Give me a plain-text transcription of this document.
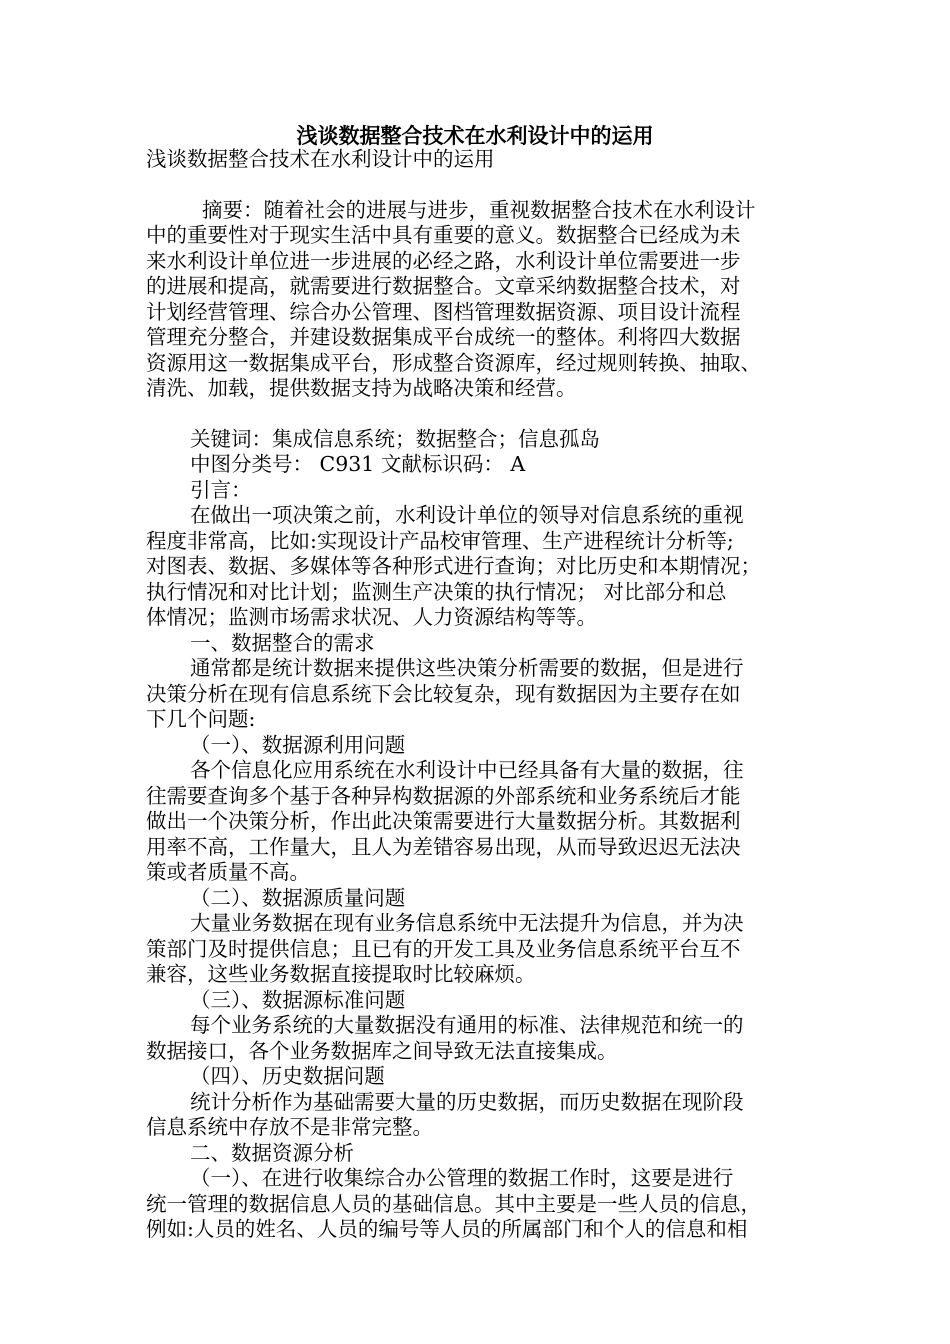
浅谈数据整合技术在水利设计中的运用

浅谈数据整合技术在水利设计中的运用

摘要：随着社会的进展与进步，重视数据整合技术在水利设计

中的重要性对于现实生活中具有重要的意义。数据整合已经成为未

来水利设计单位进一步进展的必经之路，水利设计单位需要进一步

的进展和提高，就需要进行数据整合。文章采纳数据整合技术，对

计划经营管理、综合办公管理、图档管理数据资源、项目设计流程

管理充分整合，并建设数据集成平台成统一的整体。利将四大数据

资源用这一数据集成平台，形成整合资源库，经过规则转换、抽取、

清洗、加载，提供数据支持为战略决策和经营。

关键词：集成信息系统；数据整合；信息孤岛

中图分类号： C931 文献标识码： A

引言：

在做出一项决策之前，水利设计单位的领导对信息系统的重视

程度非常高，比如:实现设计产品校审管理、生产进程统计分析等;

对图表、数据、多媒体等各种形式进行查询；对比历史和本期情况；

执行情况和对比计划；监测生产决策的执行情况； 对比部分和总

体情况；监测市场需求状况、人力资源结构等等。

一、数据整合的需求

通常都是统计数据来提供这些决策分析需要的数据，但是进行

决策分析在现有信息系统下会比较复杂，现有数据因为主要存在如

下几个问题:

（一）、数据源利用问题

各个信息化应用系统在水利设计中已经具备有大量的数据，往

往需要查询多个基于各种异构数据源的外部系统和业务系统后才能

做出一个决策分析，作出此决策需要进行大量数据分析。其数据利

用率不高，工作量大，且人为差错容易出现，从而导致迟迟无法决

策或者质量不高。

（二）、数据源质量问题

大量业务数据在现有业务信息系统中无法提升为信息，并为决

策部门及时提供信息；且已有的开发工具及业务信息系统平台互不

兼容，这些业务数据直接提取时比较麻烦。

（三）、数据源标准问题

每个业务系统的大量数据没有通用的标准、法律规范和统一的

数据接口，各个业务数据库之间导致无法直接集成。

（四）、历史数据问题

统计分析作为基础需要大量的历史数据，而历史数据在现阶段

信息系统中存放不是非常完整。

二、数据资源分析

（一）、在进行收集综合办公管理的数据工作时，这要是进行

统一管理的数据信息人员的基础信息。其中主要是一些人员的信息，

例如:人员的姓名、人员的编号等人员的所属部门和个人的信息和相
